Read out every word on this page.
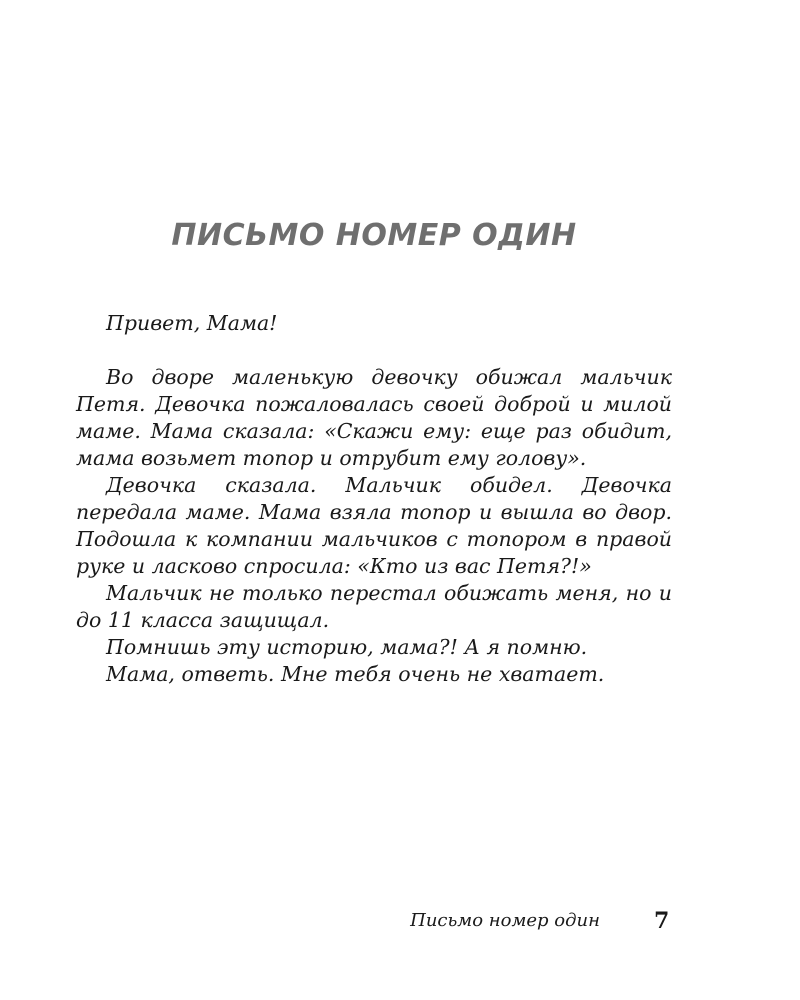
ПИСЬМО НОМЕР ОДИН

Привет, Мама!

Во дворе маленькую девочку обижал мальчик Петя. Девочка пожаловалась своей доброй и милой маме. Мама сказала: «Скажи ему: еще раз обидит, мама возьмет топор и отрубит ему голову».

Девочка сказала. Мальчик обидел. Девочка передала маме. Мама взяла топор и вышла во двор. Подошла к компании мальчиков с топором в правой руке и ласково спросила: «Кто из вас Петя?!»

Мальчик не только перестал обижать меня, но и до 11 класса защищал.

Помнишь эту историю, мама?! А я помню.

Мама, ответь. Мне тебя очень не хватает.

Письмо номер один 7
